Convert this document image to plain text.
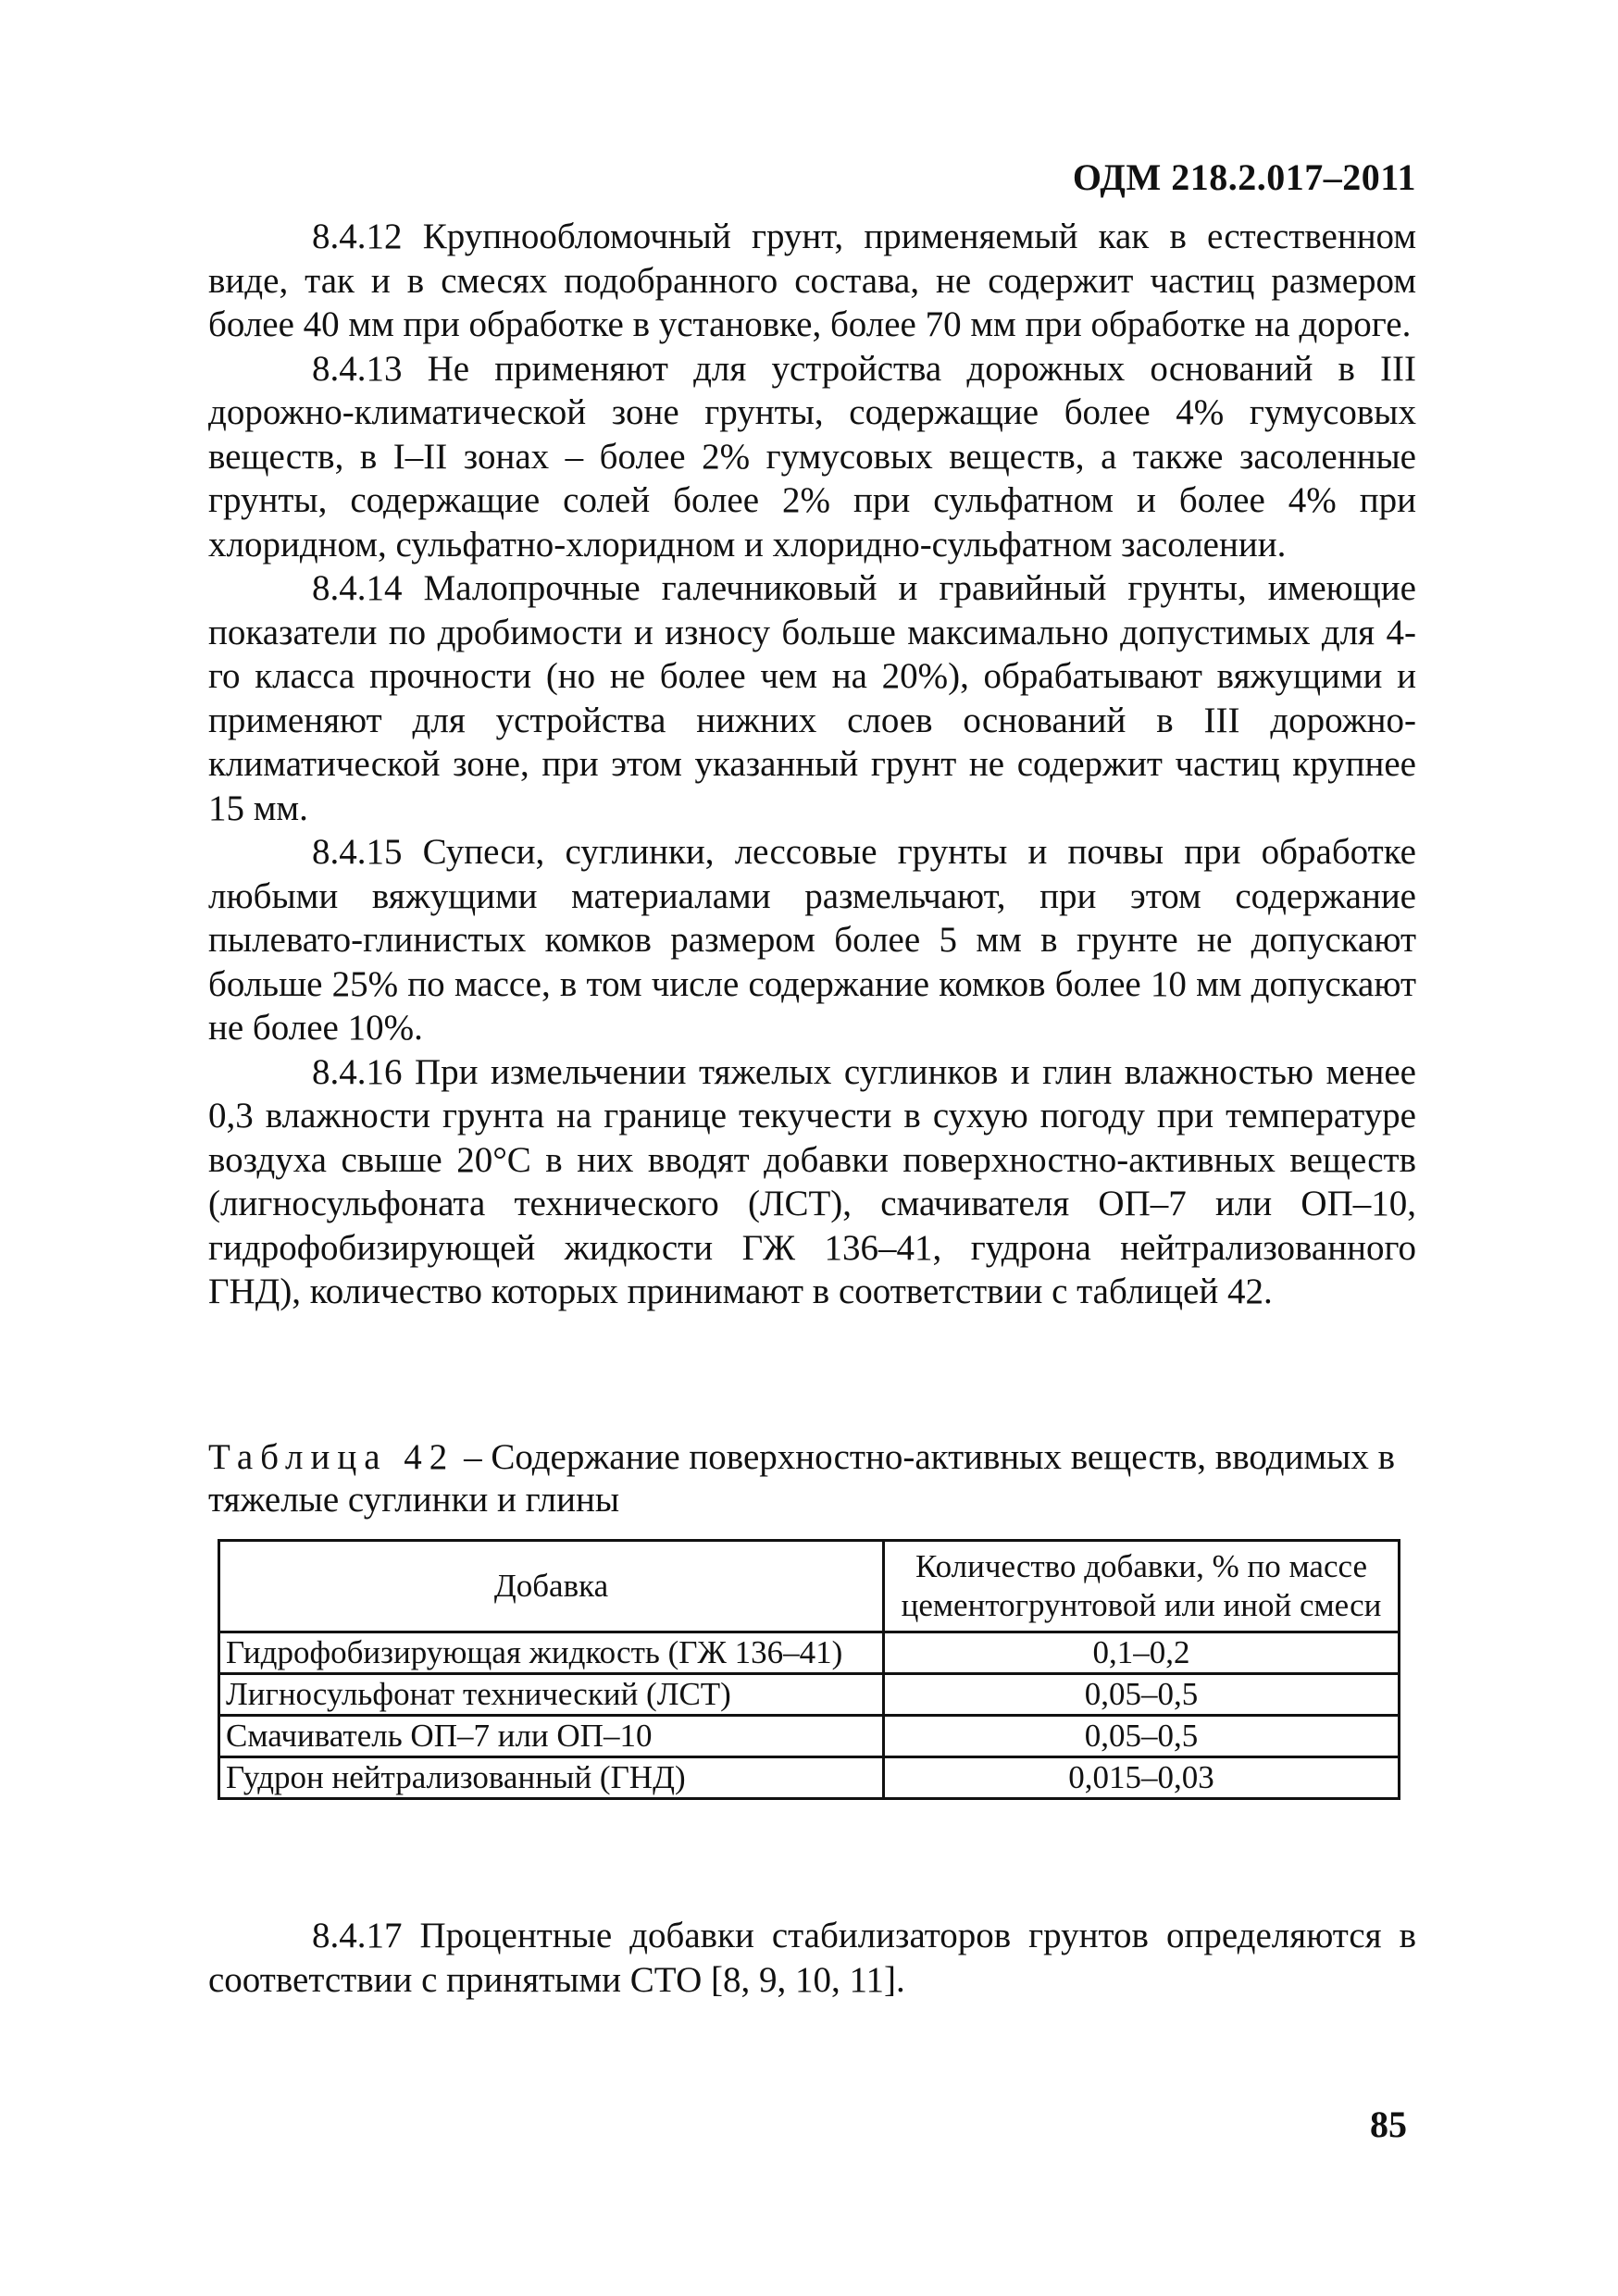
ОДМ 218.2.017–2011

8.4.12 Крупнообломочный грунт, применяемый как в естественном виде, так и в смесях подобранного состава, не содержит частиц размером более 40 мм при обработке в установке, более 70 мм при обработке на дороге.

8.4.13 Не применяют для устройства дорожных оснований в III дорожно-климатической зоне грунты, содержащие более 4% гумусовых веществ, в I–II зонах – более 2% гумусовых веществ, а также засоленные грунты, содержащие солей более 2% при сульфатном и более 4% при хлоридном, сульфатно-хлоридном и хлоридно-сульфатном засолении.

8.4.14 Малопрочные галечниковый и гравийный грунты, имеющие показатели по дробимости и износу больше максимально допустимых для 4-го класса прочности (но не более чем на 20%), обрабатывают вяжущими и применяют для устройства нижних слоев оснований в III дорожно-климатической зоне, при этом указанный грунт не содержит частиц крупнее 15 мм.

8.4.15 Супеси, суглинки, лессовые грунты и почвы при обработке любыми вяжущими материалами размельчают, при этом содержание пылевато-глинистых комков размером более 5 мм в грунте не допускают больше 25% по массе, в том числе содержание комков более 10 мм допускают не более 10%.

8.4.16 При измельчении тяжелых суглинков и глин влажностью менее 0,3 влажности грунта на границе текучести в сухую погоду при температуре воздуха свыше 20°С в них вводят добавки поверхностно-активных веществ (лигносульфоната технического (ЛСТ), смачивателя ОП–7 или ОП–10, гидрофобизирующей жидкости ГЖ 136–41, гудрона нейтрализованного ГНД), количество которых принимают в соответствии с таблицей 42.

Таблица 42 – Содержание поверхностно-активных веществ, вводимых в тяжелые суглинки и глины
Добавка	Количество добавки, % по массе цементогрунтовой или иной смеси
Гидрофобизирующая жидкость (ГЖ 136–41)	0,1–0,2
Лигносульфонат технический (ЛСТ)	0,05–0,5
Смачиватель ОП–7 или ОП–10	0,05–0,5
Гудрон нейтрализованный (ГНД)	0,015–0,03

8.4.17 Процентные добавки стабилизаторов грунтов определяются в соответствии с принятыми СТО [8, 9, 10, 11].

85
